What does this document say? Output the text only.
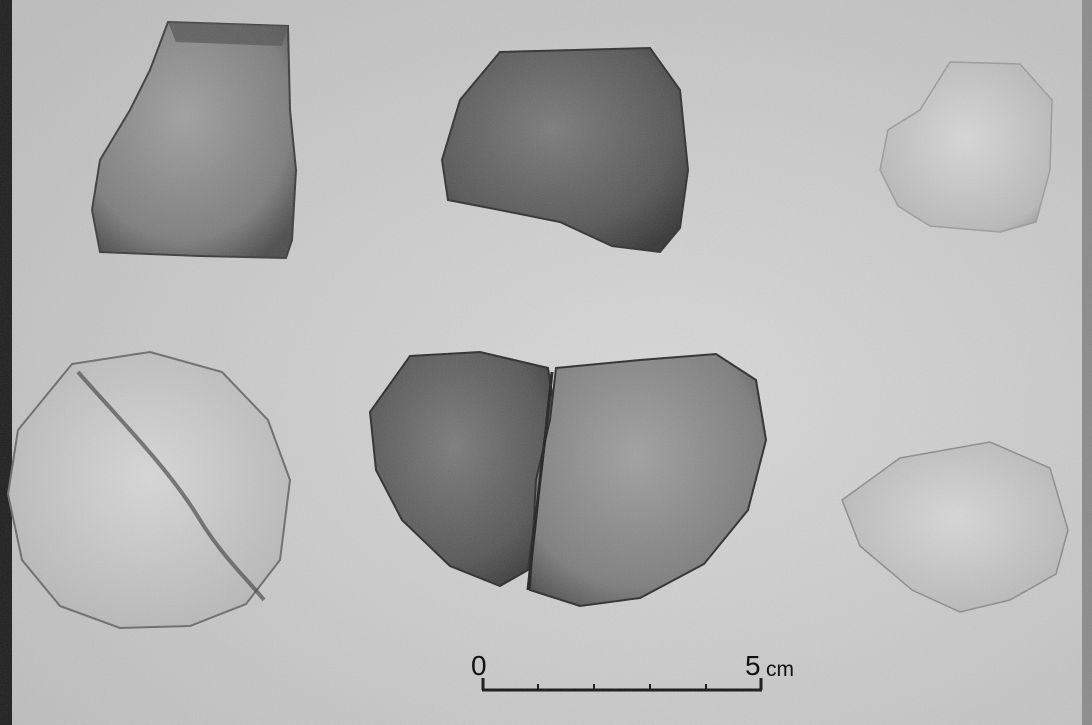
0	5 cm
